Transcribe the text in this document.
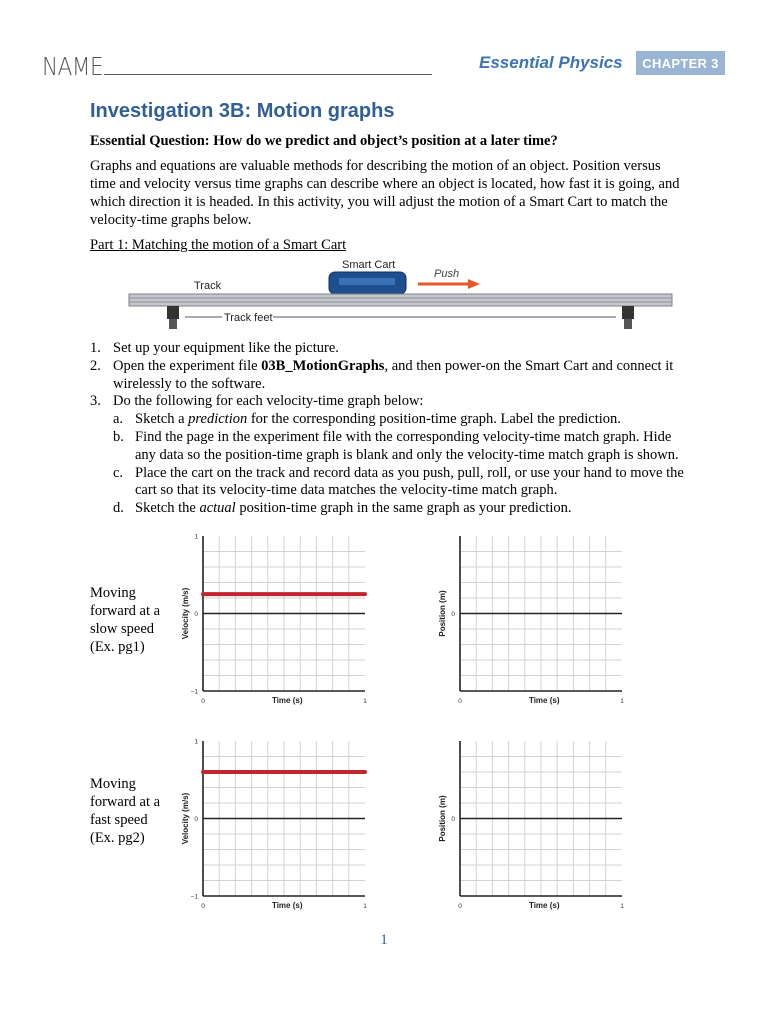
NAME	Essential Physics	CHAPTER 3
Investigation 3B: Motion graphs
Essential Question: How do we predict and object’s position at a later time?
Graphs and equations are valuable methods for describing the motion of an object. Position versus
time and velocity versus time graphs can describe where an object is located, how fast it is going, and
which direction it is headed. In this activity, you will adjust the motion of a Smart Cart to match the
velocity-time graphs below.
Part 1: Matching the motion of a Smart Cart
Smart Cart
Push
Track
Track feet
1. Set up your equipment like the picture.
2. Open the experiment file 03B_MotionGraphs, and then power-on the Smart Cart and connect it
wirelessly to the software.
3. Do the following for each velocity-time graph below:
a. Sketch a prediction for the corresponding position-time graph. Label the prediction.
b. Find the page in the experiment file with the corresponding velocity-time match graph. Hide
any data so the position-time graph is blank and only the velocity-time match graph is shown.
c. Place the cart on the track and record data as you push, pull, roll, or use your hand to move the
cart so that its velocity-time data matches the velocity-time match graph.
d. Sketch the actual position-time graph in the same graph as your prediction.
Moving
forward at a
slow speed
(Ex. pg1)
Moving
forward at a
fast speed
(Ex. pg2)
1
0
−1
0	1
Time (s)
Velocity (m/s)	0
0	1
Time (s)
Position (m)
1
0
−1
0	1
Time (s)
Velocity (m/s)	0
0	1
Time (s)
Position (m)
1
